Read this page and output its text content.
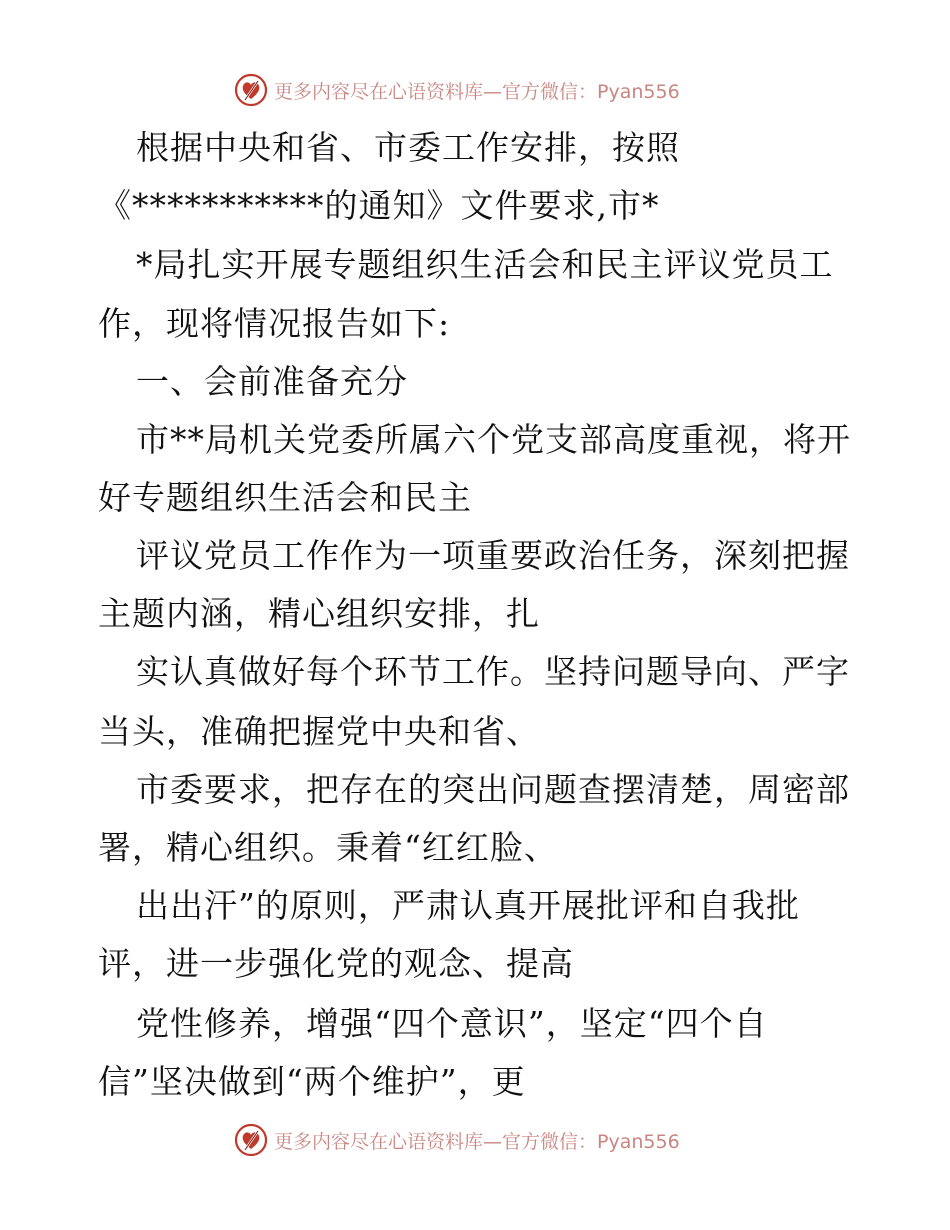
更多内容尽在心语资料库—官方微信：Pyan556
根据中央和省、市委工作安排，按照
《***********的通知》文件要求,市*
*局扎实开展专题组织生活会和民主评议党员工
作，现将情况报告如下:
一、会前准备充分
市**局机关党委所属六个党支部高度重视，将开
好专题组织生活会和民主
评议党员工作作为一项重要政治任务，深刻把握
主题内涵，精心组织安排，扎
实认真做好每个环节工作。坚持问题导向、严字
当头，准确把握党中央和省、
市委要求，把存在的突出问题查摆清楚，周密部
署，精心组织。秉着“红红脸、
出出汗”的原则，严肃认真开展批评和自我批
评，进一步强化党的观念、提高
党性修养，增强“四个意识”，坚定“四个自
信”坚决做到“两个维护”，更
更多内容尽在心语资料库—官方微信：Pyan556
